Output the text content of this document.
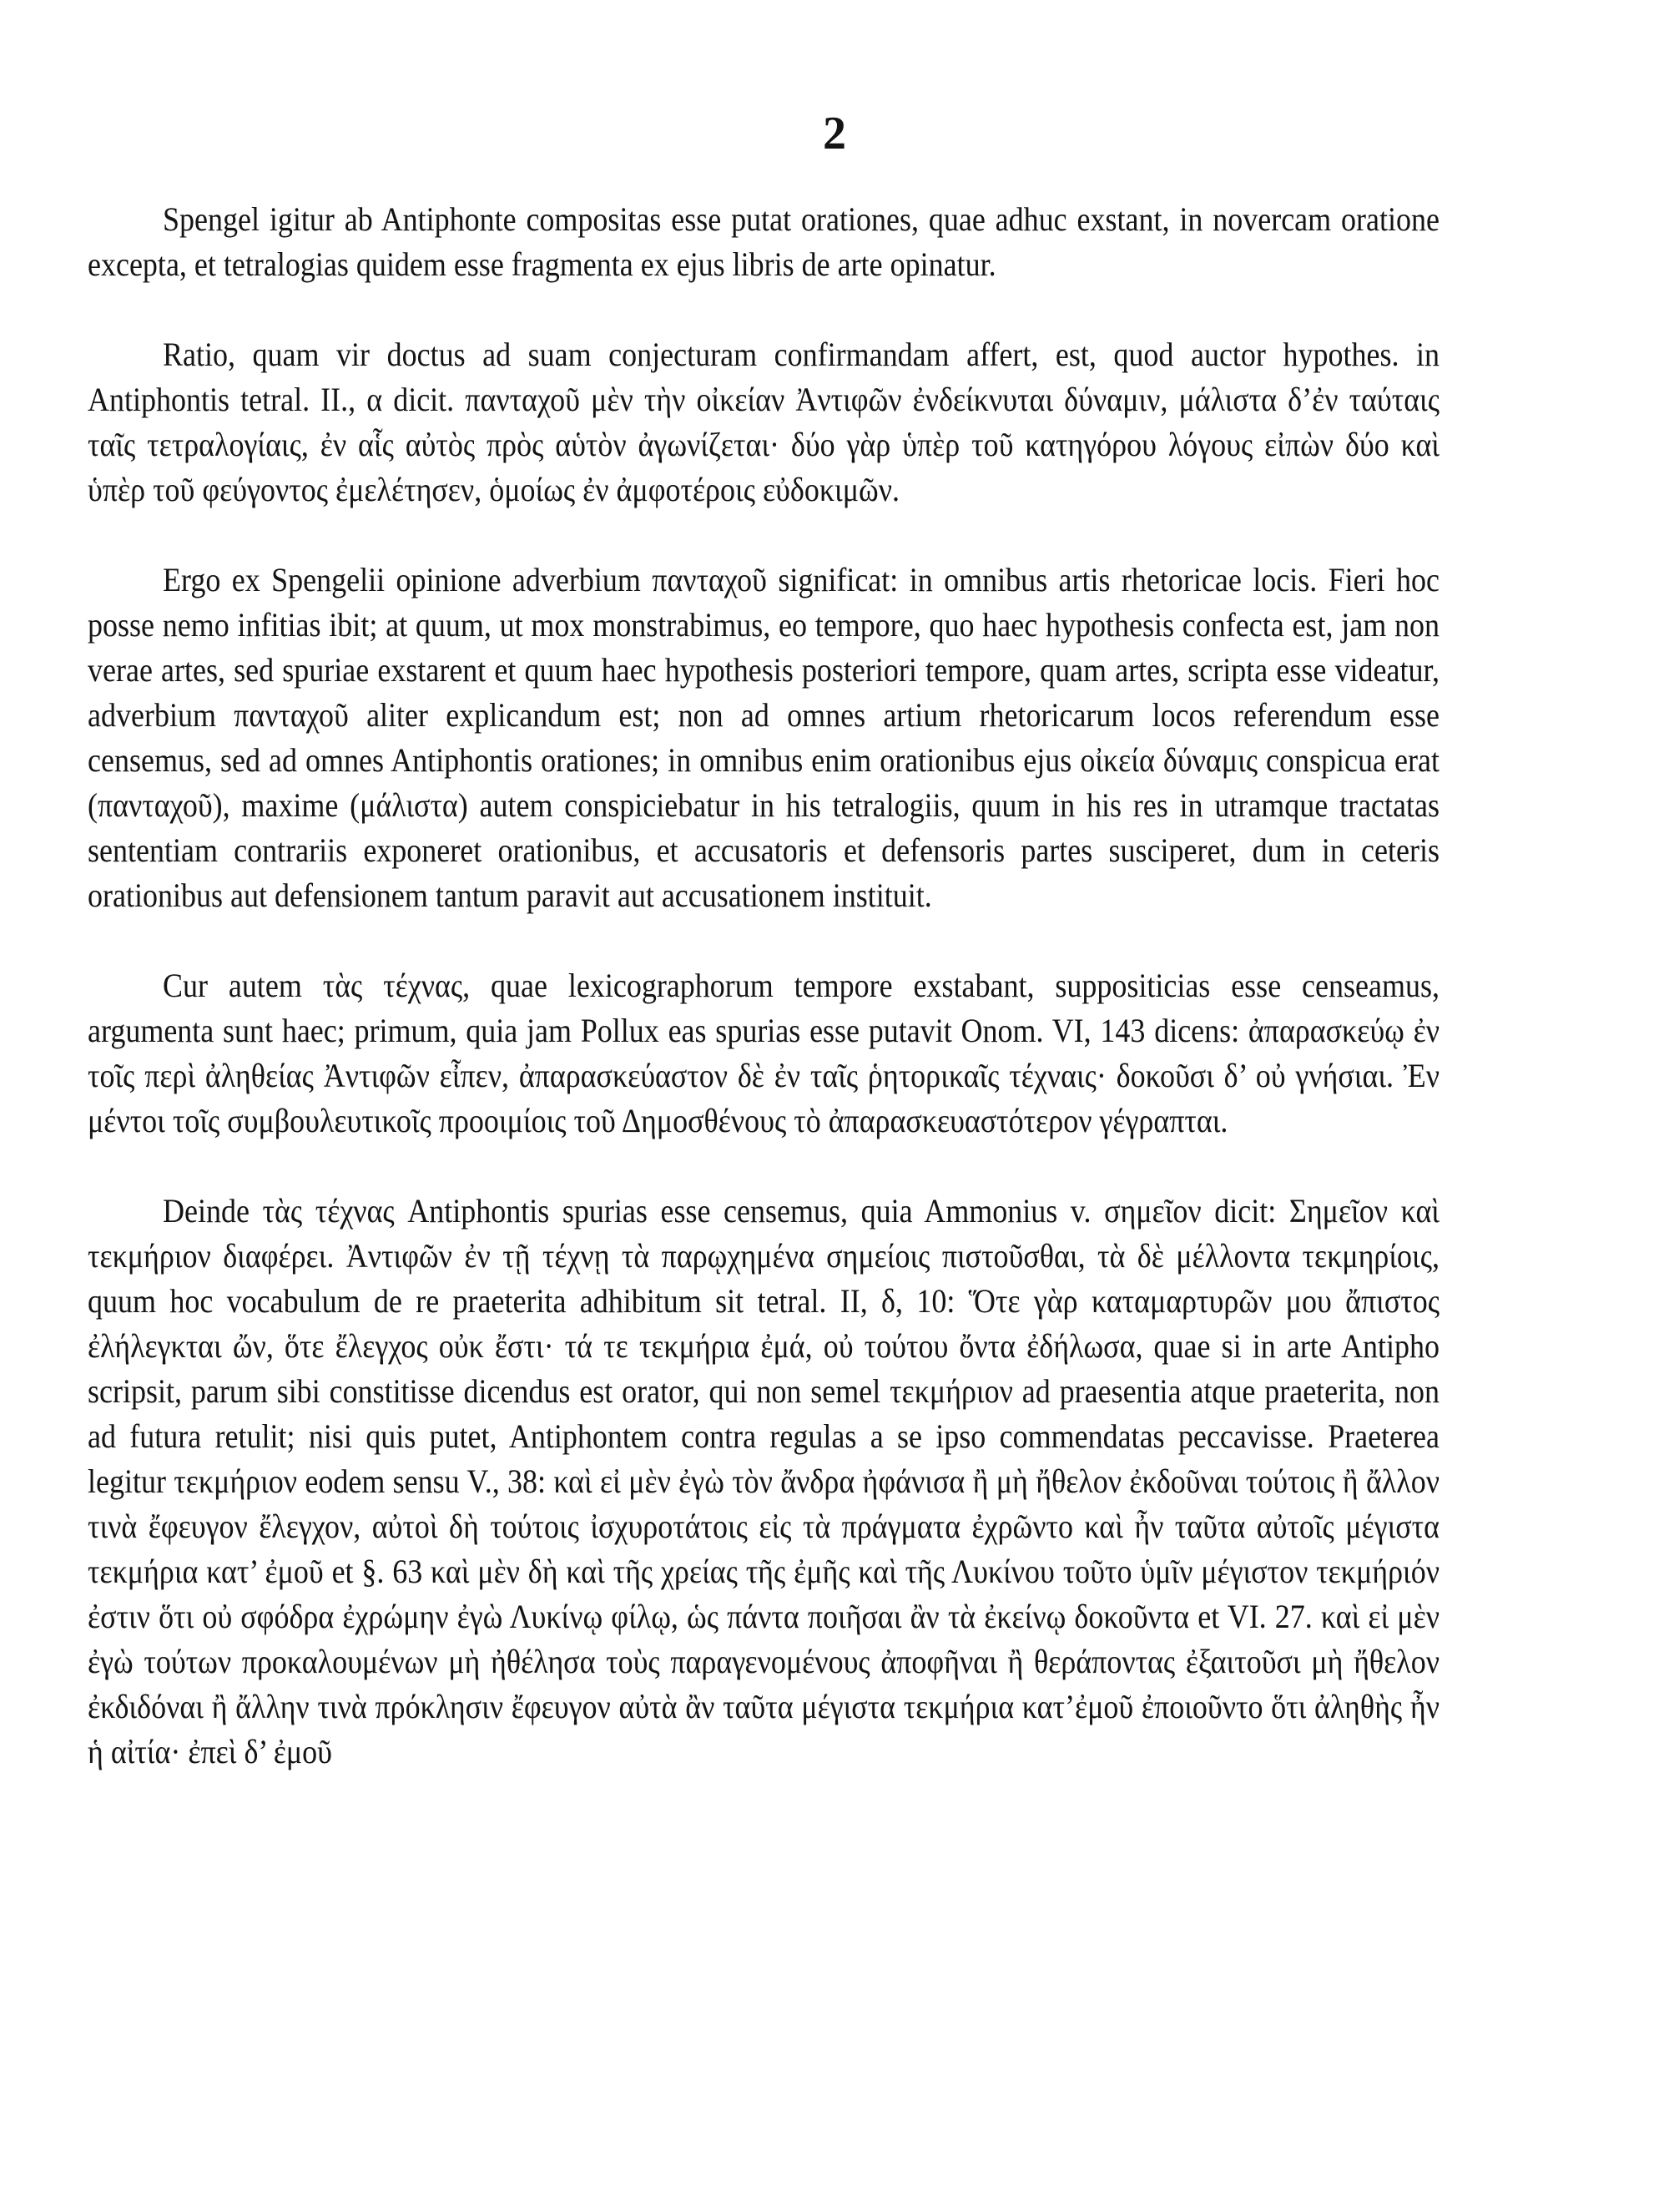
2

Spengel igitur ab Antiphonte compositas esse putat orationes, quae adhuc exstant, in novercam oratione excepta, et tetralogias quidem esse fragmenta ex ejus libris de arte opinatur.

Ratio, quam vir doctus ad suam conjecturam confirmandam affert, est, quod auctor hypothes. in Antiphontis tetral. II., α dicit. πανταχοῦ μὲν τὴν οἰκείαν Ἀντιφῶν ἐνδείκνυται δύναμιν, μάλιστα δ’ἐν ταύταις ταῖς τετραλογίαις, ἐν αἷς αὐτὸς πρὸς αὑτὸν ἀγωνίζεται· δύο γὰρ ὑπὲρ τοῦ κατηγόρου λόγους εἰπὼν δύο καὶ ὑπὲρ τοῦ φεύγοντος ἐμελέτησεν, ὁμοίως ἐν ἀμφοτέροις εὐδοκιμῶν.

Ergo ex Spengelii opinione adverbium πανταχοῦ significat: in omnibus artis rhetoricae locis. Fieri hoc posse nemo infitias ibit; at quum, ut mox monstrabimus, eo tempore, quo haec hypothesis confecta est, jam non verae artes, sed spuriae exstarent et quum haec hypothesis posteriori tempore, quam artes, scripta esse videatur, adverbium πανταχοῦ aliter explicandum est; non ad omnes artium rhetoricarum locos referendum esse censemus, sed ad omnes Antiphontis orationes; in omnibus enim orationibus ejus οἰκεία δύναμις conspicua erat (πανταχοῦ), maxime (μάλιστα) autem conspiciebatur in his tetralogiis, quum in his res in utramque tractatas sententiam contrariis exponeret orationibus, et accusatoris et defensoris partes susciperet, dum in ceteris orationibus aut defensionem tantum paravit aut accusationem instituit.

Cur autem τὰς τέχνας, quae lexicographorum tempore exstabant, suppositicias esse censeamus, argumenta sunt haec; primum, quia jam Pollux eas spurias esse putavit Onom. VI, 143 dicens: ἀπαρασκεύῳ ἐν τοῖς περὶ ἀληθείας Ἀντιφῶν εἶπεν, ἀπαρασκεύαστον δὲ ἐν ταῖς ῥητορικαῖς τέχναις· δοκοῦσι δ’ οὐ γνήσιαι. Ἐν μέντοι τοῖς συμβουλευτικοῖς προοιμίοις τοῦ Δημοσθένους τὸ ἀπαρασκευαστότερον γέγραπται.

Deinde τὰς τέχνας Antiphontis spurias esse censemus, quia Ammonius v. σημεῖον dicit: Σημεῖον καὶ τεκμήριον διαφέρει. Ἀντιφῶν ἐν τῇ τέχνῃ τὰ παρῳχημένα σημείοις πιστοῦσθαι, τὰ δὲ μέλλοντα τεκμηρίοις, quum hoc vocabulum de re praeterita adhibitum sit tetral. II, δ, 10: Ὅτε γὰρ καταμαρτυρῶν μου ἄπιστος ἐλήλεγκται ὤν, ὅτε ἔλεγχος οὐκ ἔστι· τά τε τεκμήρια ἐμά, οὐ τούτου ὄντα ἐδήλωσα, quae si in arte Antipho scripsit, parum sibi constitisse dicendus est orator, qui non semel τεκμήριον ad praesentia atque praeterita, non ad futura retulit; nisi quis putet, Antiphontem contra regulas a se ipso commendatas peccavisse. Praeterea legitur τεκμήριον eodem sensu V., 38: καὶ εἰ μὲν ἐγὼ τὸν ἄνδρα ἠφάνισα ἢ μὴ ἤθελον ἐκδοῦναι τούτοις ἢ ἄλλον τινὰ ἔφευγον ἔλεγχον, αὐτοὶ δὴ τούτοις ἰσχυροτάτοις εἰς τὰ πράγματα ἐχρῶντο καὶ ἦν ταῦτα αὐτοῖς μέγιστα τεκμήρια κατ’ ἐμοῦ et §. 63 καὶ μὲν δὴ καὶ τῆς χρείας τῆς ἐμῆς καὶ τῆς Λυκίνου τοῦτο ὑμῖν μέγιστον τεκμήριόν ἐστιν ὅτι οὐ σφόδρα ἐχρώμην ἐγὼ Λυκίνῳ φίλῳ, ὡς πάντα ποιῆσαι ἂν τὰ ἐκείνῳ δοκοῦντα et VI. 27. καὶ εἰ μὲν ἐγὼ τούτων προκαλουμένων μὴ ἠθέλησα τοὺς παραγενομένους ἀποφῆναι ἢ θεράποντας ἐξαιτοῦσι μὴ ἤθελον ἐκδιδόναι ἢ ἄλλην τινὰ πρόκλησιν ἔφευγον αὐτὰ ἂν ταῦτα μέγιστα τεκμήρια κατ’ἐμοῦ ἐποιοῦντο ὅτι ἀληθὴς ἦν ἡ αἰτία· ἐπεὶ δ’ ἐμοῦ
